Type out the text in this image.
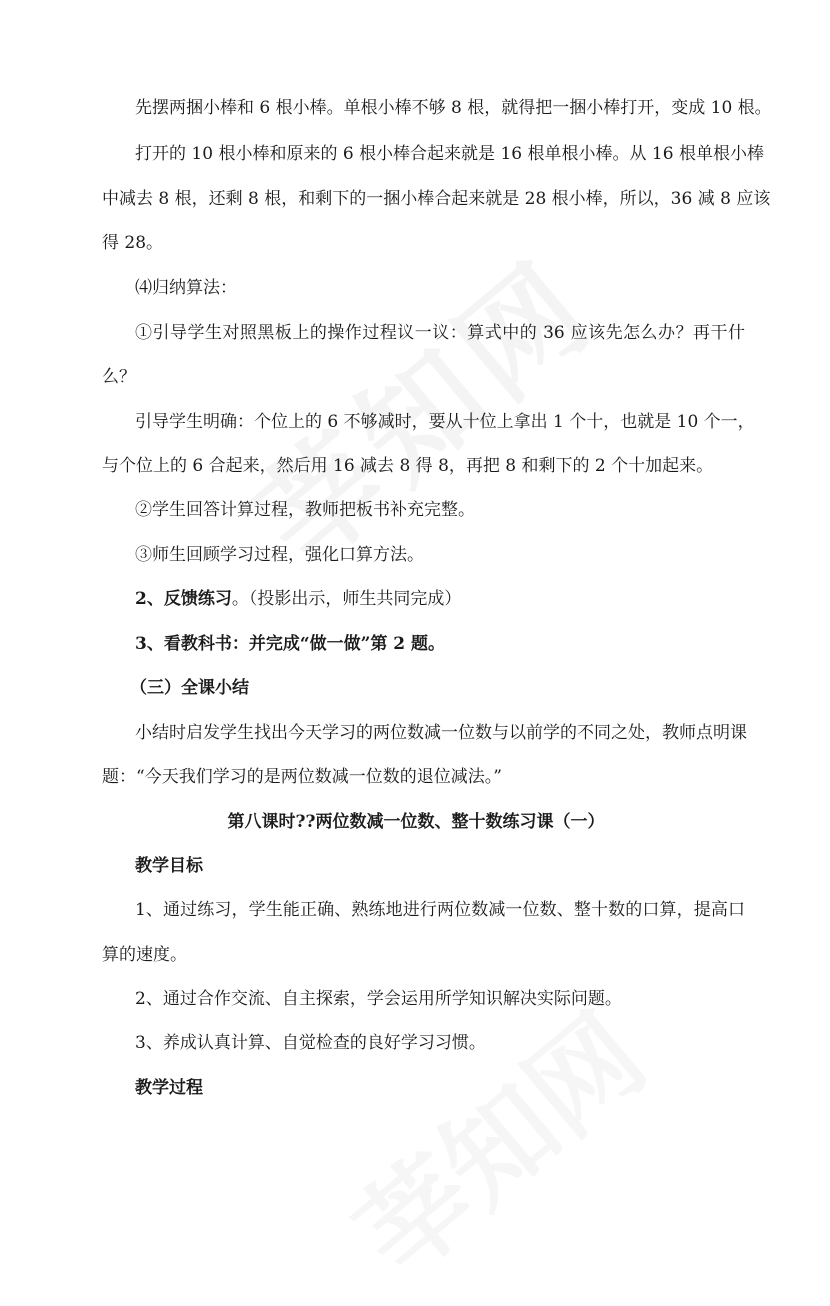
先摆两捆小棒和 6 根小棒。单根小棒不够 8 根，就得把一捆小棒打开，变成 10 根。
打开的 10 根小棒和原来的 6 根小棒合起来就是 16 根单根小棒。从 16 根单根小棒
中减去 8 根，还剩 8 根，和剩下的一捆小棒合起来就是 28 根小棒，所以，36 减 8 应该
得 28。
⑷归纳算法：
①引导学生对照黑板上的操作过程议一议：算式中的 36 应该先怎么办？再干什
么？
引导学生明确：个位上的 6 不够减时，要从十位上拿出 1 个十，也就是 10 个一，
与个位上的 6 合起来，然后用 16 减去 8 得 8，再把 8 和剩下的 2 个十加起来。
②学生回答计算过程，教师把板书补充完整。
③师生回顾学习过程，强化口算方法。
2、反馈练习。（投影出示，师生共同完成）
3、看教科书：并完成“做一做”第 2 题。
（三）全课小结
小结时启发学生找出今天学习的两位数减一位数与以前学的不同之处，教师点明课
题：“今天我们学习的是两位数减一位数的退位减法。”
第八课时??两位数减一位数、整十数练习课（一）
教学目标
1、通过练习，学生能正确、熟练地进行两位数减一位数、整十数的口算，提高口
算的速度。
2、通过合作交流、自主探索，学会运用所学知识解决实际问题。
3、养成认真计算、自觉检查的良好学习习惯。
教学过程
